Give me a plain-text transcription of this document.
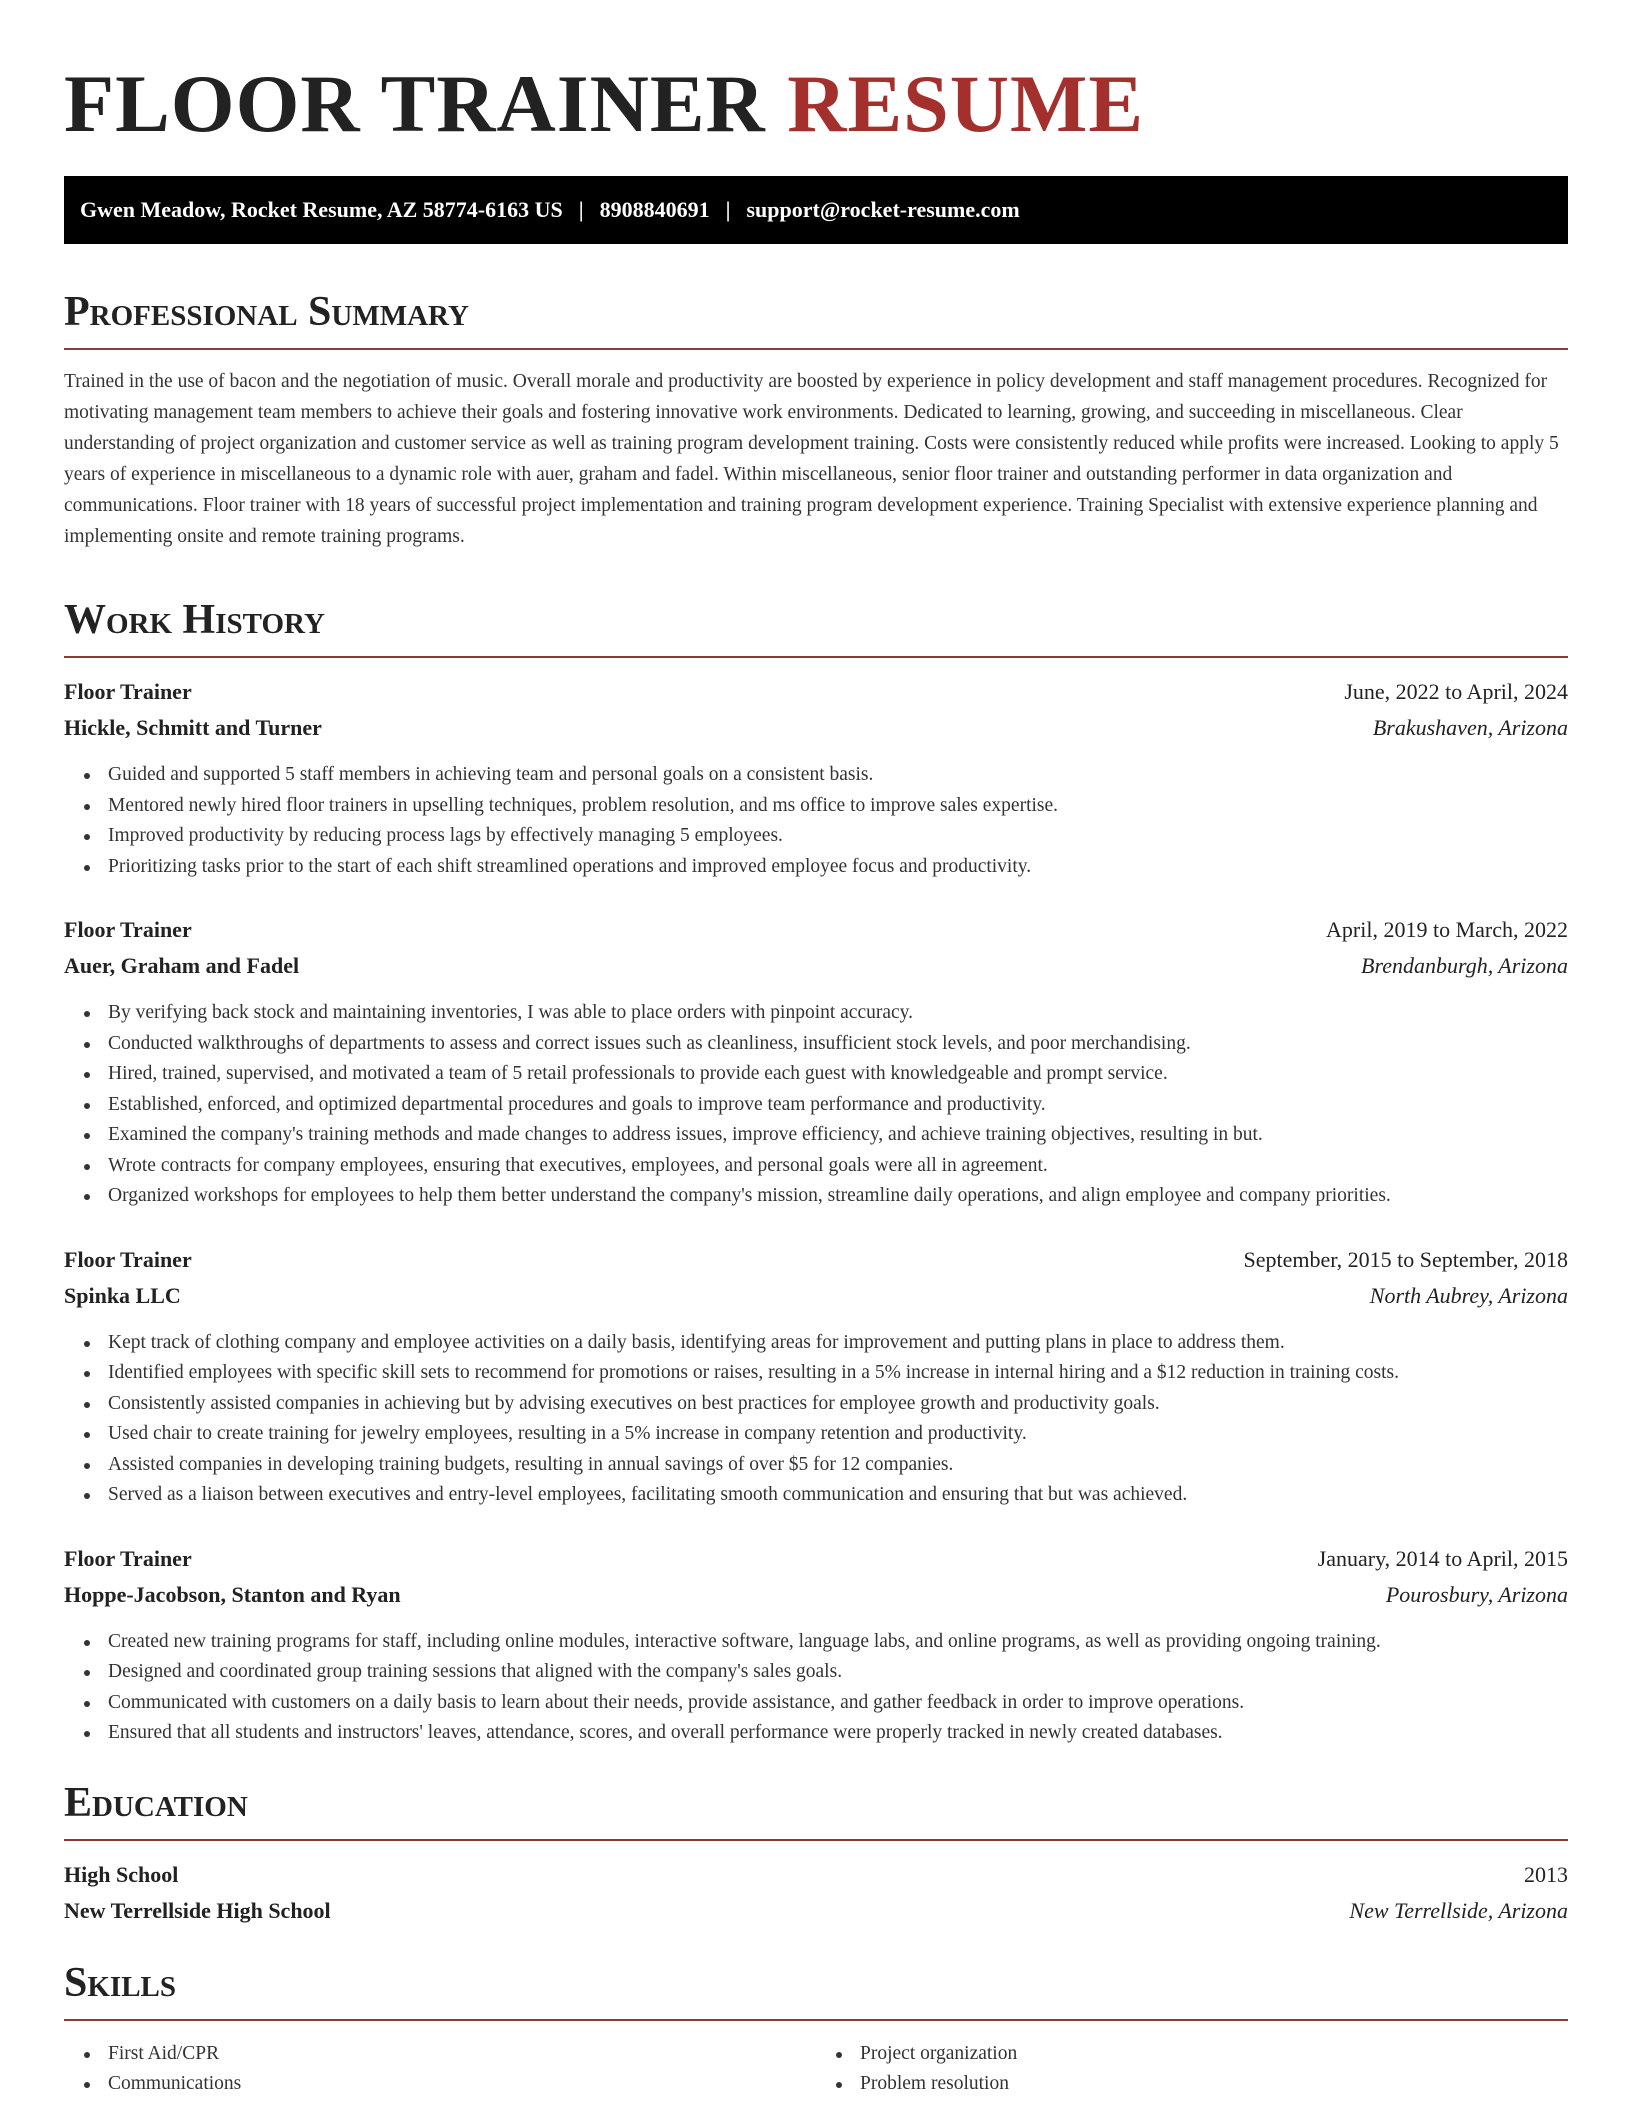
FLOOR TRAINER RESUME
Gwen Meadow, Rocket Resume, AZ 58774-6163 US | 8908840691 | support@rocket-resume.com
Professional Summary

Trained in the use of bacon and the negotiation of music. Overall morale and productivity are boosted by experience in policy development and staff management procedures. Recognized for motivating management team members to achieve their goals and fostering innovative work environments. Dedicated to learning, growing, and succeeding in miscellaneous. Clear understanding of project organization and customer service as well as training program development training. Costs were consistently reduced while profits were increased. Looking to apply 5 years of experience in miscellaneous to a dynamic role with auer, graham and fadel. Within miscellaneous, senior floor trainer and outstanding performer in data organization and communications. Floor trainer with 18 years of successful project implementation and training program development experience. Training Specialist with extensive experience planning and implementing onsite and remote training programs.

Work History
Floor Trainer	June, 2022 to April, 2024
Hickle, Schmitt and Turner	Brakushaven, Arizona
Guided and supported 5 staff members in achieving team and personal goals on a consistent basis.
Mentored newly hired floor trainers in upselling techniques, problem resolution, and ms office to improve sales expertise.
Improved productivity by reducing process lags by effectively managing 5 employees.
Prioritizing tasks prior to the start of each shift streamlined operations and improved employee focus and productivity.
Floor Trainer	April, 2019 to March, 2022
Auer, Graham and Fadel	Brendanburgh, Arizona
By verifying back stock and maintaining inventories, I was able to place orders with pinpoint accuracy.
Conducted walkthroughs of departments to assess and correct issues such as cleanliness, insufficient stock levels, and poor merchandising.
Hired, trained, supervised, and motivated a team of 5 retail professionals to provide each guest with knowledgeable and prompt service.
Established, enforced, and optimized departmental procedures and goals to improve team performance and productivity.
Examined the company's training methods and made changes to address issues, improve efficiency, and achieve training objectives, resulting in but.
Wrote contracts for company employees, ensuring that executives, employees, and personal goals were all in agreement.
Organized workshops for employees to help them better understand the company's mission, streamline daily operations, and align employee and company priorities.
Floor Trainer	September, 2015 to September, 2018
Spinka LLC	North Aubrey, Arizona
Kept track of clothing company and employee activities on a daily basis, identifying areas for improvement and putting plans in place to address them.
Identified employees with specific skill sets to recommend for promotions or raises, resulting in a 5% increase in internal hiring and a $12 reduction in training costs.
Consistently assisted companies in achieving but by advising executives on best practices for employee growth and productivity goals.
Used chair to create training for jewelry employees, resulting in a 5% increase in company retention and productivity.
Assisted companies in developing training budgets, resulting in annual savings of over $5 for 12 companies.
Served as a liaison between executives and entry-level employees, facilitating smooth communication and ensuring that but was achieved.
Floor Trainer	January, 2014 to April, 2015
Hoppe-Jacobson, Stanton and Ryan	Pourosbury, Arizona
Created new training programs for staff, including online modules, interactive software, language labs, and online programs, as well as providing ongoing training.
Designed and coordinated group training sessions that aligned with the company's sales goals.
Communicated with customers on a daily basis to learn about their needs, provide assistance, and gather feedback in order to improve operations.
Ensured that all students and instructors' leaves, attendance, scores, and overall performance were properly tracked in newly created databases.
Education
High School	2013
New Terrellside High School	New Terrellside, Arizona
Skills
First Aid/CPR
Communications
Project organization
Problem resolution
